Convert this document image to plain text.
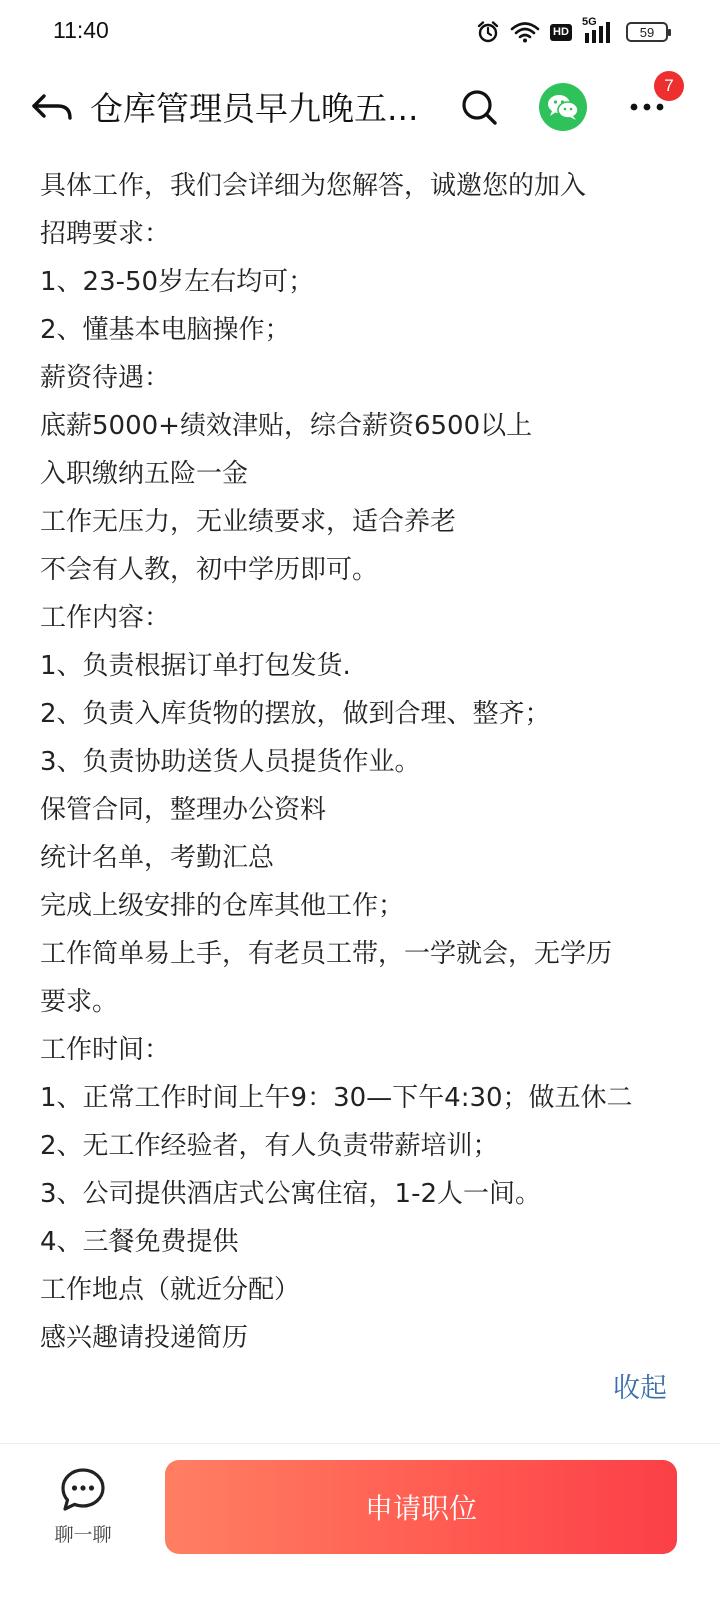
11:40	HD
5G
59
仓库管理员早九晚五...
7
具体工作，我们会详细为您解答，诚邀您的加入
招聘要求：
1、23-50岁左右均可；
2、懂基本电脑操作；
薪资待遇：
底薪5000+绩效津贴，综合薪资6500以上
入职缴纳五险一金
工作无压力，无业绩要求，适合养老
不会有人教，初中学历即可。
工作内容：
1、负责根据订单打包发货.
2、负责入库货物的摆放，做到合理、整齐；
3、负责协助送货人员提货作业。
保管合同，整理办公资料
统计名单，考勤汇总
完成上级安排的仓库其他工作；
工作简单易上手，有老员工带，一学就会，无学历
要求。
工作时间：
1、正常工作时间上午9：30—下午4:30；做五休二
2、无工作经验者，有人负责带薪培训；
3、公司提供酒店式公寓住宿，1-2人一间。
4、三餐免费提供
工作地点（就近分配）
感兴趣请投递简历
收起
聊一聊
申请职位
